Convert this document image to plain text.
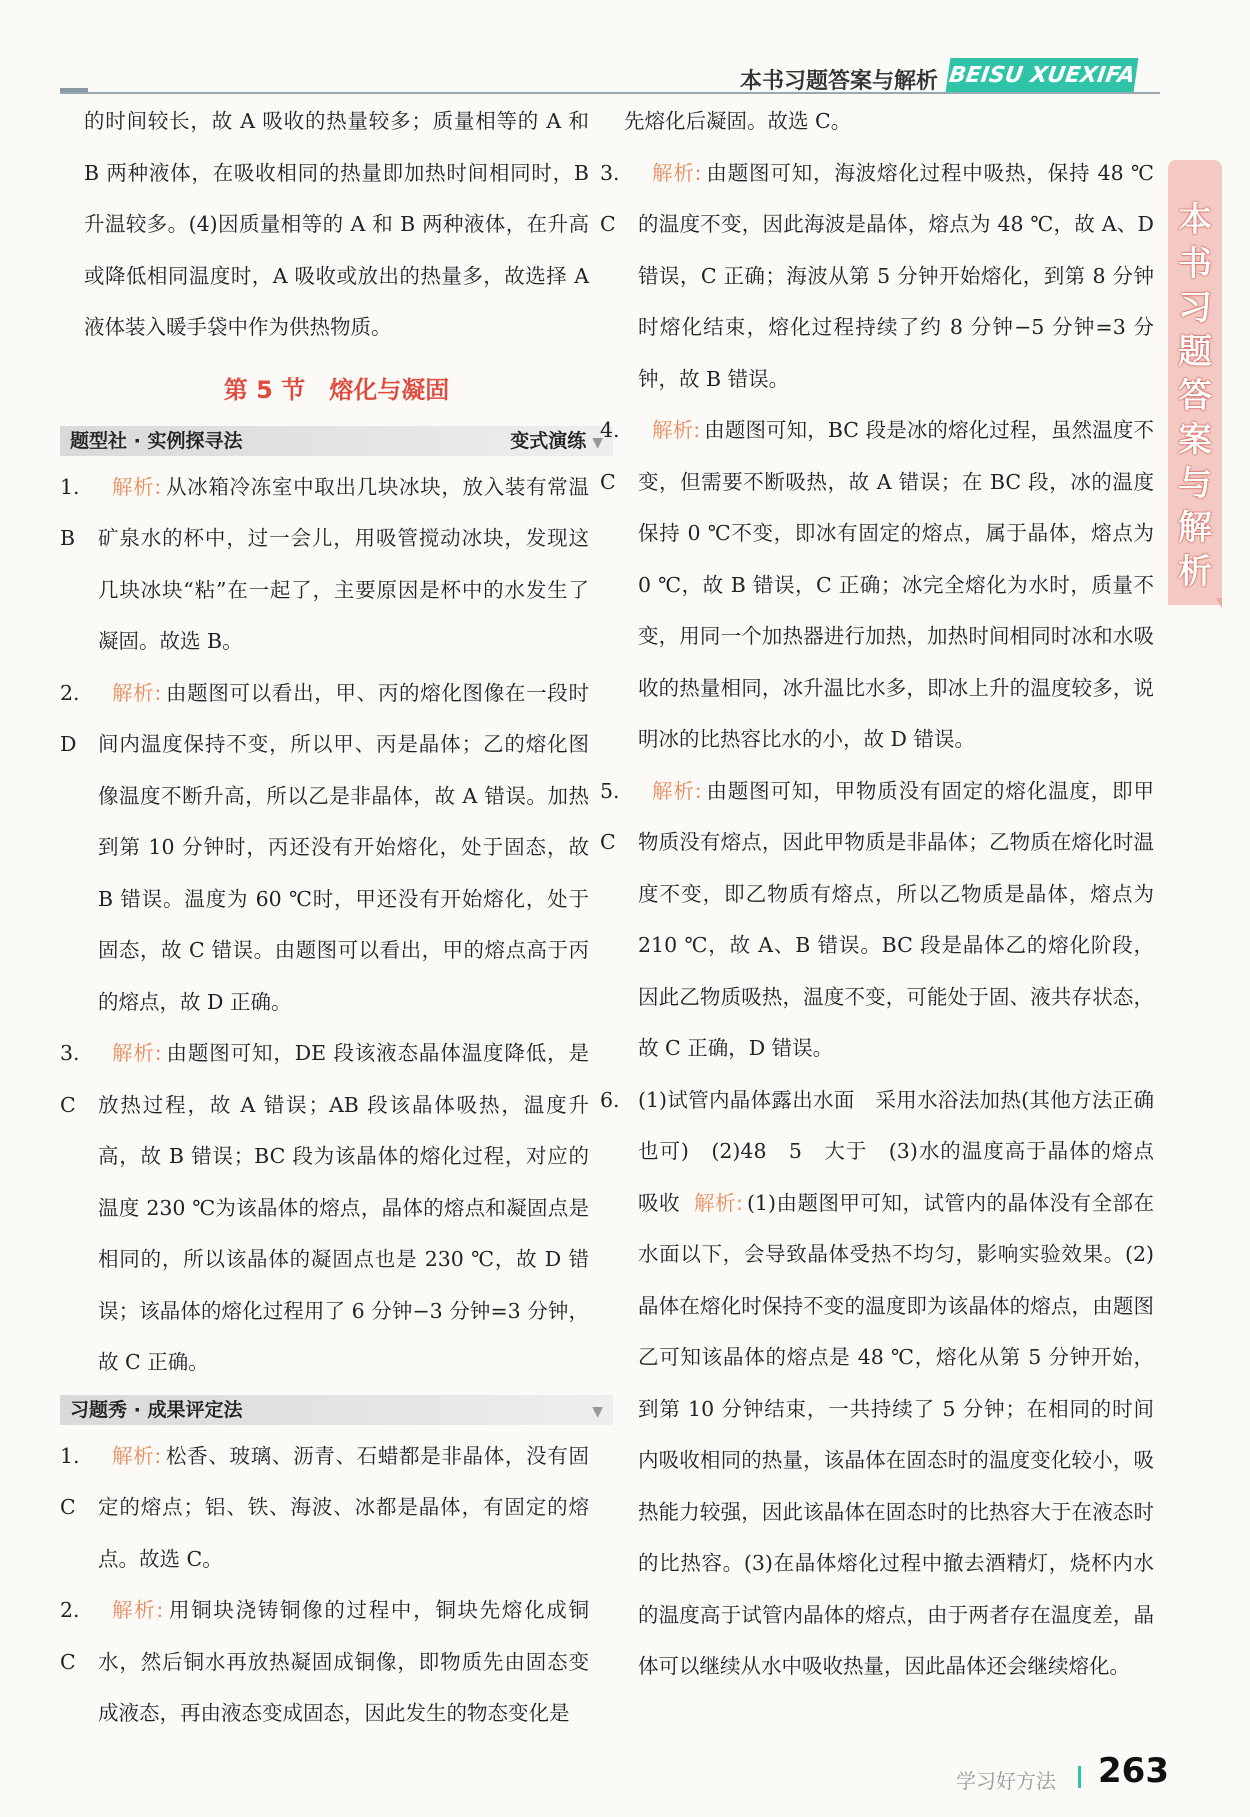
本书习题答案与解析 BEISU XUEXIFA
本
书
习
题
答
案
与
解
析

的时间较长，故 A 吸收的热量较多；质量相等的 A 和 B 两种液体，在吸收相同的热量即加热时间相同时，B 升温较多。(4)因质量相等的 A 和 B 两种液体，在升高或降低相同温度时，A 吸收或放出的热量多，故选择 A 液体装入暖手袋中作为供热物质。

第 5 节　熔化与凝固
题型社 · 实例探寻法	变式演练 ▼
1. B
解析: 从冰箱冷冻室中取出几块冰块，放入装有常温矿泉水的杯中，过一会儿，用吸管搅动冰块，发现这几块冰块“粘”在一起了，主要原因是杯中的水发生了凝固。故选 B。
2. D
解析: 由题图可以看出，甲、丙的熔化图像在一段时间内温度保持不变，所以甲、丙是晶体；乙的熔化图像温度不断升高，所以乙是非晶体，故 A 错误。加热到第 10 分钟时，丙还没有开始熔化，处于固态，故 B 错误。温度为 60 ℃时，甲还没有开始熔化，处于固态，故 C 错误。由题图可以看出，甲的熔点高于丙的熔点，故 D 正确。
3. C
解析: 由题图可知，DE 段该液态晶体温度降低，是放热过程，故 A 错误；AB 段该晶体吸热，温度升高，故 B 错误；BC 段为该晶体的熔化过程，对应的温度 230 ℃为该晶体的熔点，晶体的熔点和凝固点是相同的，所以该晶体的凝固点也是 230 ℃，故 D 错误；该晶体的熔化过程用了 6 分钟−3 分钟=3 分钟，故 C 正确。
习题秀 · 成果评定法	▼
1. C
解析: 松香、玻璃、沥青、石蜡都是非晶体，没有固定的熔点；铝、铁、海波、冰都是晶体，有固定的熔点。故选 C。
2. C
解析: 用铜块浇铸铜像的过程中，铜块先熔化成铜水，然后铜水再放热凝固成铜像，即物质先由固态变成液态，再由液态变成固态，因此发生的物态变化是

先熔化后凝固。故选 C。

3. C
解析: 由题图可知，海波熔化过程中吸热，保持 48 ℃的温度不变，因此海波是晶体，熔点为 48 ℃，故 A、D 错误，C 正确；海波从第 5 分钟开始熔化，到第 8 分钟时熔化结束，熔化过程持续了约 8 分钟−5 分钟=3 分钟，故 B 错误。
4. C
解析: 由题图可知，BC 段是冰的熔化过程，虽然温度不变，但需要不断吸热，故 A 错误；在 BC 段，冰的温度保持 0 ℃不变，即冰有固定的熔点，属于晶体，熔点为 0 ℃，故 B 错误，C 正确；冰完全熔化为水时，质量不变，用同一个加热器进行加热，加热时间相同时冰和水吸收的热量相同，冰升温比水多，即冰上升的温度较多，说明冰的比热容比水的小，故 D 错误。
5. C
解析: 由题图可知，甲物质没有固定的熔化温度，即甲物质没有熔点，因此甲物质是非晶体；乙物质在熔化时温度不变，即乙物质有熔点，所以乙物质是晶体，熔点为 210 ℃，故 A、B 错误。BC 段是晶体乙的熔化阶段，因此乙物质吸热，温度不变，可能处于固、液共存状态，故 C 正确，D 错误。
6. (1)试管内晶体露出水面　采用水浴法加热(其他方法正确也可)　(2)48　5　大于　(3)水的温度高于晶体的熔点　吸收 解析: (1)由题图甲可知，试管内的晶体没有全部在水面以下，会导致晶体受热不均匀，影响实验效果。(2)晶体在熔化时保持不变的温度即为该晶体的熔点，由题图乙可知该晶体的熔点是 48 ℃，熔化从第 5 分钟开始，到第 10 分钟结束，一共持续了 5 分钟；在相同的时间内吸收相同的热量，该晶体在固态时的温度变化较小，吸热能力较强，因此该晶体在固态时的比热容大于在液态时的比热容。(3)在晶体熔化过程中撤去酒精灯，烧杯内水的温度高于试管内晶体的熔点，由于两者存在温度差，晶体可以继续从水中吸收热量，因此晶体还会继续熔化。
学习好方法 263
